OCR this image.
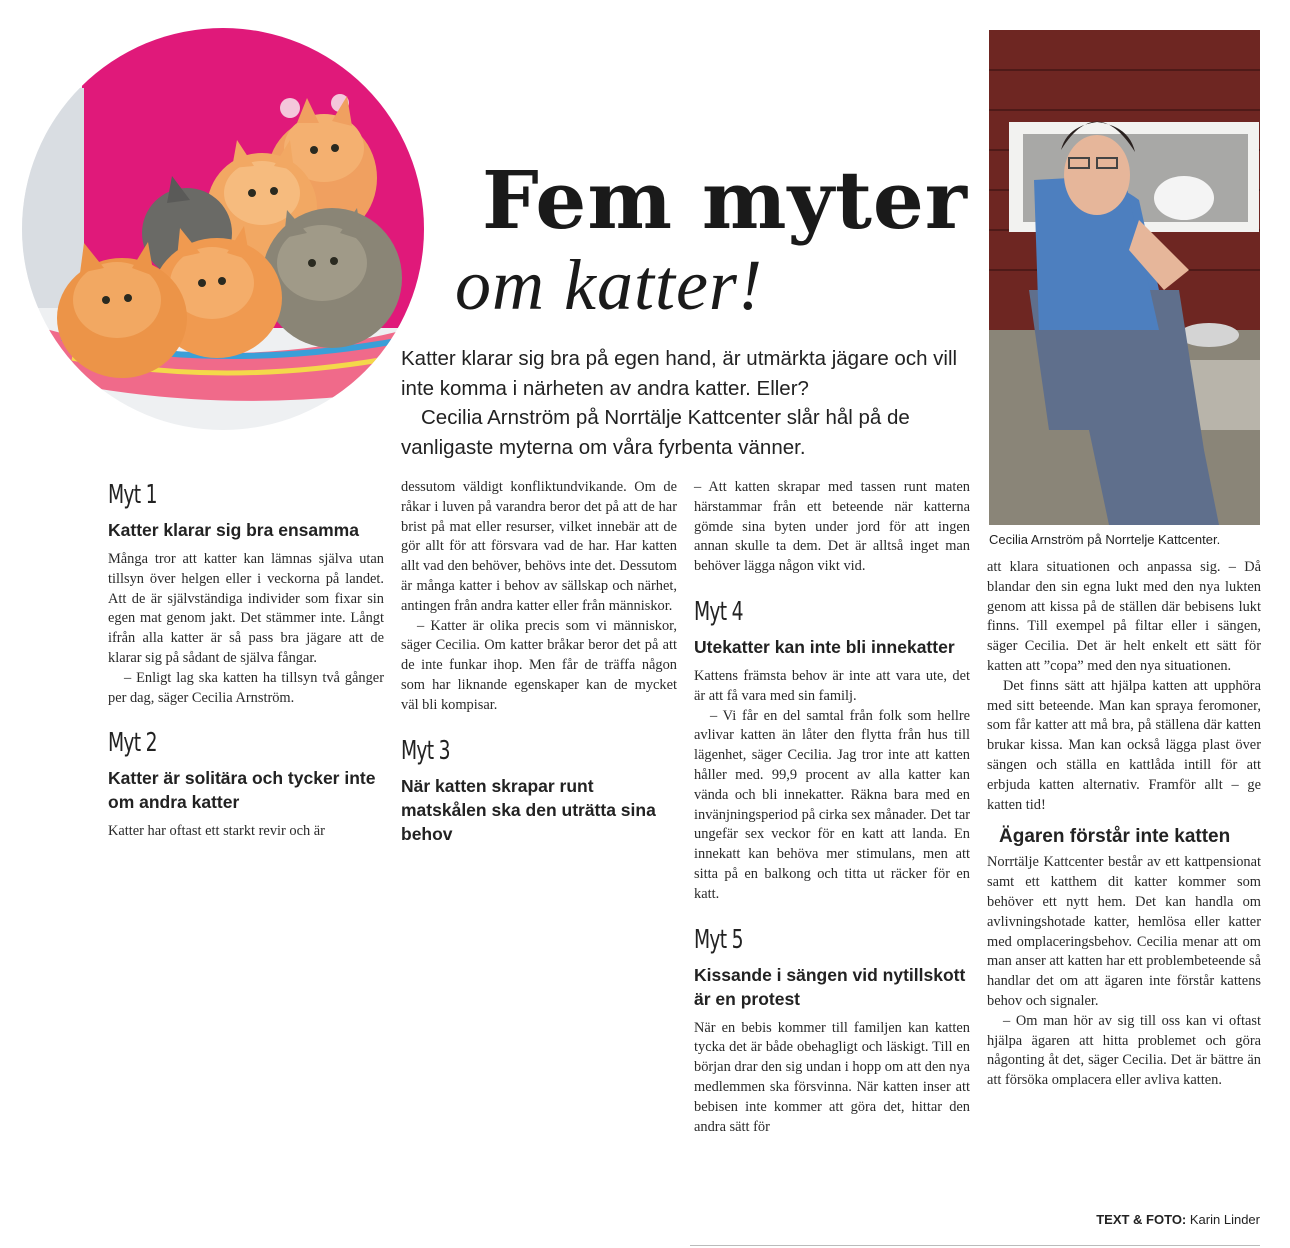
Cecilia Arnström på Norrtelje Kattcenter.
Fem myter
om katter!

Katter klarar sig bra på egen hand, är utmärkta jägare och vill inte komma i närheten av andra katter. Eller?

Cecilia Arnström på Norrtälje Kattcenter slår hål på de vanligaste myterna om våra fyrbenta vänner.

Myt 1
Katter klarar sig bra ensamma

Många tror att katter kan lämnas själva utan tillsyn över helgen eller i veckorna på landet. Att de är självständiga individer som fixar sin egen mat genom jakt. Det stämmer inte. Långt ifrån alla katter är så pass bra jägare att de klarar sig på sådant de själva fångar.

– Enligt lag ska katten ha tillsyn två gånger per dag, säger Cecilia Arnström.

Myt 2
Katter är solitära och tycker inte om andra katter

Katter har oftast ett starkt revir och är

dessutom väldigt konfliktundvikande. Om de råkar i luven på varandra beror det på att de har brist på mat eller resurser, vilket innebär att de gör allt för att försvara vad de har. Har katten allt vad den behöver, behövs inte det. Dessutom är många katter i behov av sällskap och närhet, antingen från andra katter eller från människor.

– Katter är olika precis som vi människor, säger Cecilia. Om katter bråkar beror det på att de inte funkar ihop. Men får de träffa någon som har liknande egenskaper kan de mycket väl bli kompisar.

Myt 3
När katten skrapar runt matskålen ska den uträtta sina behov

– Att katten skrapar med tassen runt maten härstammar från ett beteende när katterna gömde sina byten under jord för att ingen annan skulle ta dem. Det är alltså inget man behöver lägga någon vikt vid.

Myt 4
Utekatter kan inte bli innekatter

Kattens främsta behov är inte att vara ute, det är att få vara med sin familj.

– Vi får en del samtal från folk som hellre avlivar katten än låter den flytta från hus till lägenhet, säger Cecilia. Jag tror inte att katten håller med. 99,9 procent av alla katter kan vända och bli innekatter. Räkna bara med en invänjningsperiod på cirka sex månader. Det tar ungefär sex veckor för en katt att landa. En innekatt kan behöva mer stimulans, men att sitta på en balkong och titta ut räcker för en katt.

Myt 5
Kissande i sängen vid nytillskott är en protest

När en bebis kommer till familjen kan katten tycka det är både obehagligt och läskigt. Till en början drar den sig undan i hopp om att den nya medlemmen ska försvinna. När katten inser att bebisen inte kommer att göra det, hittar den andra sätt för

att klara situationen och anpassa sig. – Då blandar den sin egna lukt med den nya lukten genom att kissa på de ställen där bebisens lukt finns. Till exempel på filtar eller i sängen, säger Cecilia. Det är helt enkelt ett sätt för katten att ”copa” med den nya situationen.

Det finns sätt att hjälpa katten att upphöra med sitt beteende. Man kan spraya feromoner, som får katter att må bra, på ställena där katten brukar kissa. Man kan också lägga plast över sängen och ställa en kattlåda intill för att erbjuda katten alternativ. Framför allt – ge katten tid!

Ägaren förstår inte katten

Norrtälje Kattcenter består av ett kattpensionat samt ett katthem dit katter kommer som behöver ett nytt hem. Det kan handla om avlivningshotade katter, hemlösa eller katter med omplaceringsbehov. Cecilia menar att om man anser att katten har ett problembeteende så handlar det om att ägaren inte förstår kattens behov och signaler.

– Om man hör av sig till oss kan vi oftast hjälpa ägaren att hitta problemet och göra någonting åt det, säger Cecilia. Det är bättre än att försöka omplacera eller avliva katten.

TEXT & FOTO: Karin Linder
